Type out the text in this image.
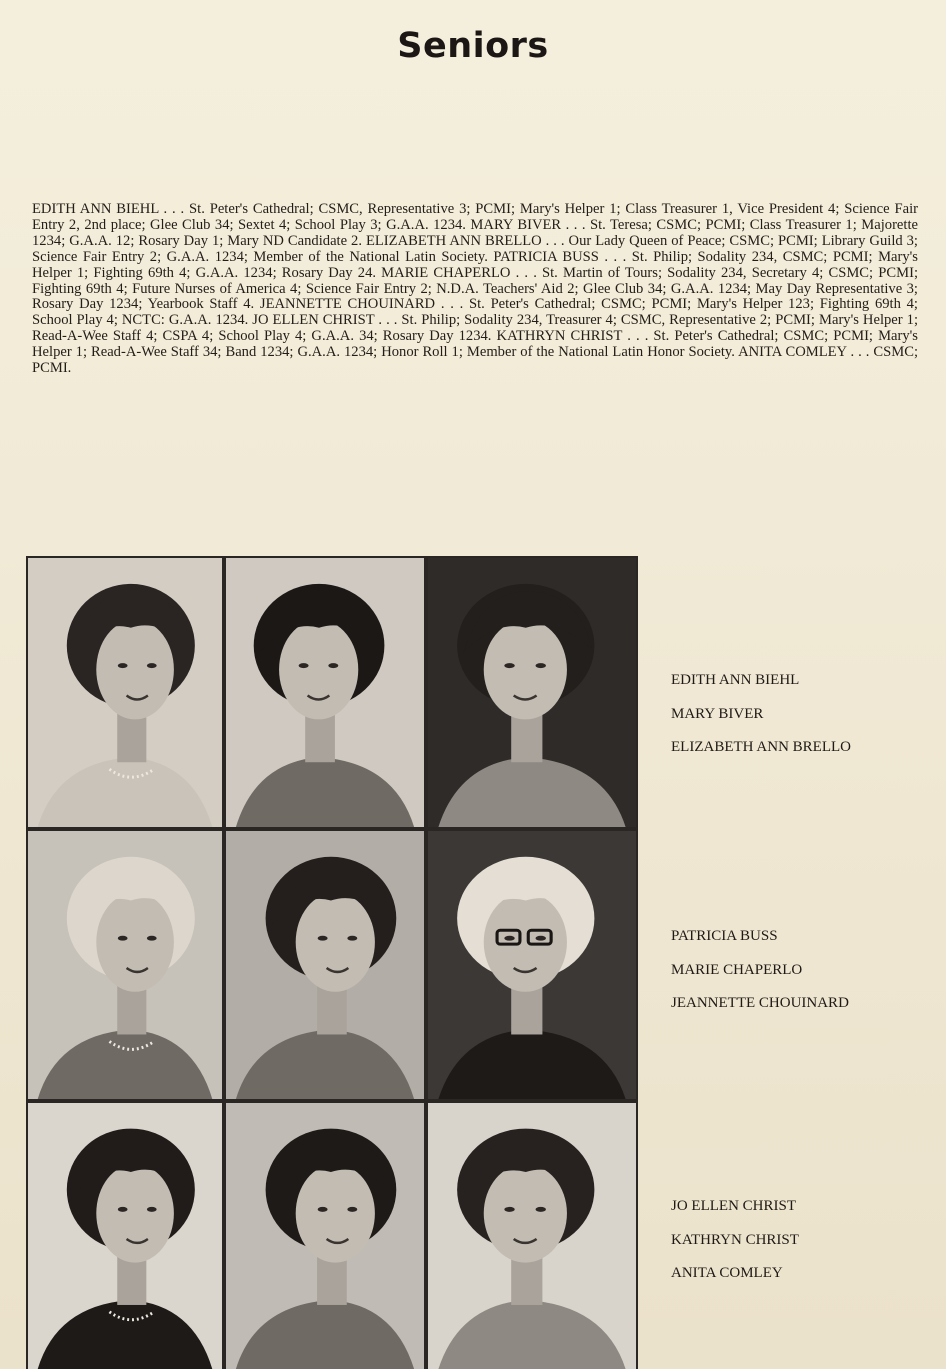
Seniors

EDITH ANN BIEHL . . . St. Peter's Cathedral; CSMC, Representative 3; PCMI; Mary's Helper 1; Class Treasurer 1, Vice President 4; Science Fair Entry 2, 2nd place; Glee Club 34; Sextet 4; School Play 3; G.A.A. 1234. MARY BIVER . . . St. Teresa; CSMC; PCMI; Class Treasurer 1; Majorette 1234; G.A.A. 12; Rosary Day 1; Mary ND Candidate 2. ELIZABETH ANN BRELLO . . . Our Lady Queen of Peace; CSMC; PCMI; Library Guild 3; Science Fair Entry 2; G.A.A. 1234; Member of the National Latin Society. PATRICIA BUSS . . . St. Philip; Sodality 234, CSMC; PCMI; Mary's Helper 1; Fighting 69th 4; G.A.A. 1234; Rosary Day 24. MARIE CHAPERLO . . . St. Martin of Tours; Sodality 234, Secretary 4; CSMC; PCMI; Fighting 69th 4; Future Nurses of America 4; Science Fair Entry 2; N.D.A. Teachers' Aid 2; Glee Club 34; G.A.A. 1234; May Day Representative 3; Rosary Day 1234; Yearbook Staff 4. JEANNETTE CHOUINARD . . . St. Peter's Cathedral; CSMC; PCMI; Mary's Helper 123; Fighting 69th 4; School Play 4; NCTC: G.A.A. 1234. JO ELLEN CHRIST . . . St. Philip; Sodality 234, Treasurer 4; CSMC, Representative 2; PCMI; Mary's Helper 1; Read-A-Wee Staff 4; CSPA 4; School Play 4; G.A.A. 34; Rosary Day 1234. KATHRYN CHRIST . . . St. Peter's Cathedral; CSMC; PCMI; Mary's Helper 1; Read-A-Wee Staff 34; Band 1234; G.A.A. 1234; Honor Roll 1; Member of the National Latin Honor Society. ANITA COMLEY . . . CSMC; PCMI.

EDITH ANN BIEHL
MARY BIVER
ELIZABETH ANN BRELLO
PATRICIA BUSS
MARIE CHAPERLO
JEANNETTE CHOUINARD
JO ELLEN CHRIST
KATHRYN CHRIST
ANITA COMLEY
